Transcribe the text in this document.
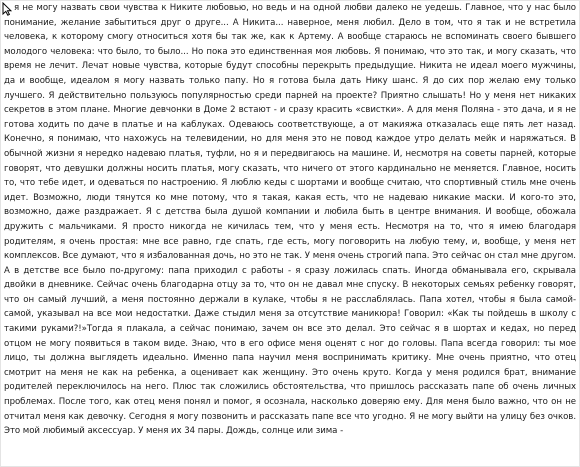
я не могу назвать свои чувства к Никите любовью, но ведь и на одной любви далеко не уедешь. Главное, что у нас было понимание, желание забытиться друг о друге... А Никита... наверное, меня любил. Дело в том, что я так и не встретила человека, к которому смогу относиться хотя бы так же, как к Артему. А вообще стараюсь не вспоминать своего бывшего молодого человека: что было, то было... Но пока это единственная моя любовь. Я понимаю, что это так, и могу сказать, что время не лечит. Лечат новые чувства, которые будут способны перекрыть предыдущие. Никита не идеал моего мужчины, да и вообще, идеалом я могу назвать только папу. Но я готова была дать Нику шанс. Я до сих пор желаю ему только лучшего. Я действительно пользуюсь популярностью среди парней на проекте? Приятно слышать! Но у меня нет никаких секретов в этом плане. Многие девчонки в Доме 2 встают - и сразу красить «свистки». А для меня Поляна - это дача, и я не готова ходить по даче в платье и на каблуках. Одеваюсь соответствующе, а от макияжа отказалась еще пять лет назад. Конечно, я понимаю, что нахожусь на телевидении, но для меня это не повод каждое утро делать мейк и наряжаться. В обычной жизни я нередко надеваю платья, туфли, но я и передвигаюсь на машине. И, несмотря на советы парней, которые говорят, что девушки должны носить платья, могу сказать, что ничего от этого кардинально не меняется. Главное, носить то, что тебе идет, и одеваться по настроению. Я люблю кеды с шортами и вообще считаю, что спортивный стиль мне очень идет. Возможно, люди тянутся ко мне потому, что я такая, какая есть, что не надеваю никакие маски. И кого-то это, возможно, даже раздражает. Я с детства была душой компании и любила быть в центре внимания. И вообще, обожала дружить с мальчиками. Я просто никогда не кичилась тем, что у меня есть. Несмотря на то, что я имею благодаря родителям, я очень простая: мне все равно, где спать, где есть, могу поговорить на любую тему, и, вообще, у меня нет комплексов. Все думают, что я избалованная дочь, но это не так. У меня очень строгий папа. Это сейчас он стал мне другом. А в детстве все было по-другому: папа приходил с работы - я сразу ложилась спать. Иногда обманывала его, скрывала двойки в дневнике. Сейчас очень благодарна отцу за то, что он не давал мне спуску. В некоторых семьях ребенку говорят, что он самый лучший, а меня постоянно держали в кулаке, чтобы я не расслаблялась. Папа хотел, чтобы я была самой-самой, указывал на все мои недостатки. Даже стыдил меня за отсутствие маникюра! Говорил: «Как ты пойдешь в школу с такими руками?!»Тогда я плакала, а сейчас понимаю, зачем он все это делал. Это сейчас я в шортах и кедах, но перед отцом не могу появиться в таком виде. Знаю, что в его офисе меня оценят с ног до головы. Папа всегда говорил: ты мое лицо, ты должна выглядеть идеально. Именно папа научил меня воспринимать критику. Мне очень приятно, что отец смотрит на меня не как на ребенка, а оценивает как женщину. Это очень круто. Когда у меня родился брат, внимание родителей переключилось на него. Плюс так сложились обстоятельства, что пришлось рассказать папе об очень личных проблемах. После того, как отец меня понял и помог, я осознала, насколько доверяю ему. Для меня было важно, что он не отчитал меня как девочку. Сегодня я могу позвонить и рассказать папе все что угодно. Я не могу выйти на улицу без очков. Это мой любимый аксессуар. У меня их 34 пары. Дождь, солнце или зима -
